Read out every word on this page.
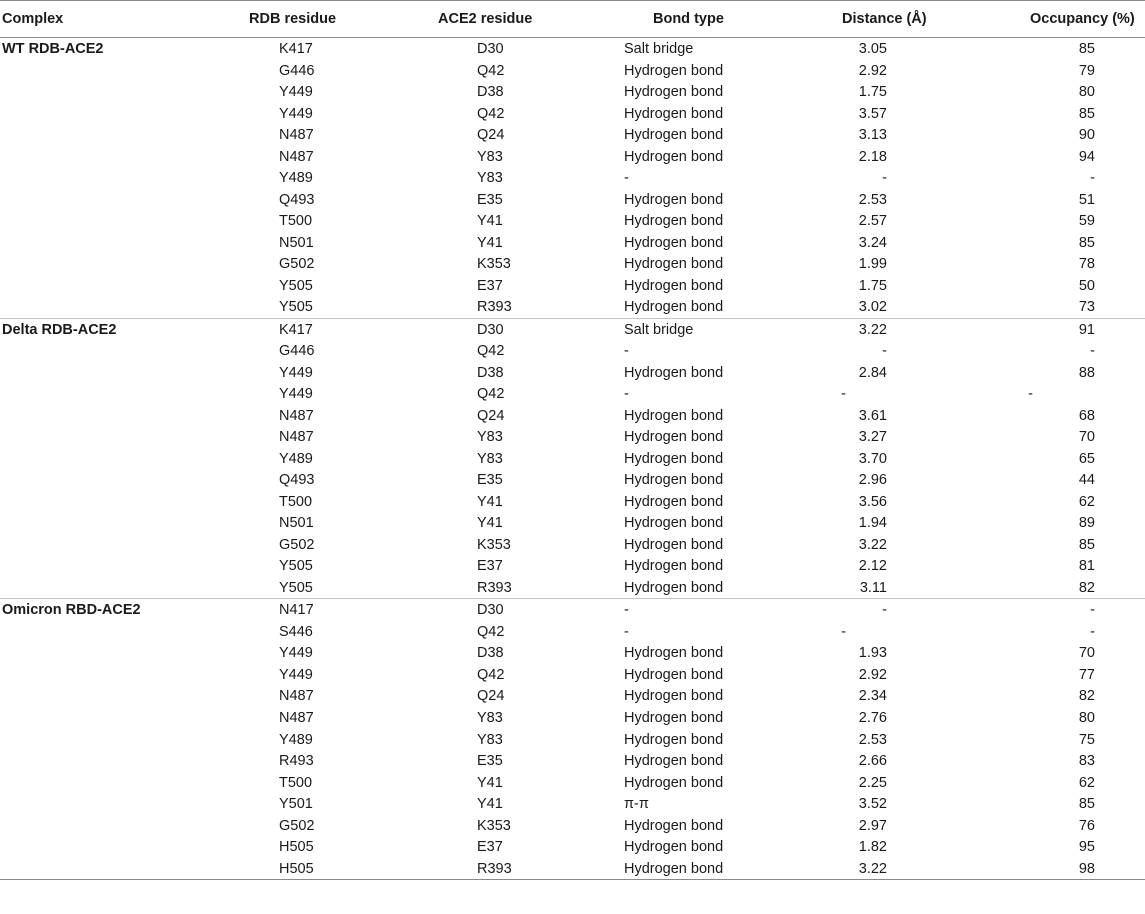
Complex	RDB residue	ACE2 residue	Bond type	Distance (Å)	Occupancy (%)
WT RDB-ACE2	K417	D30	Salt bridge	3.05	85
G446	Q42	Hydrogen bond	2.92	79
Y449	D38	Hydrogen bond	1.75	80
Y449	Q42	Hydrogen bond	3.57	85
N487	Q24	Hydrogen bond	3.13	90
N487	Y83	Hydrogen bond	2.18	94
Y489	Y83	-	-	-
Q493	E35	Hydrogen bond	2.53	51
T500	Y41	Hydrogen bond	2.57	59
N501	Y41	Hydrogen bond	3.24	85
G502	K353	Hydrogen bond	1.99	78
Y505	E37	Hydrogen bond	1.75	50
Y505	R393	Hydrogen bond	3.02	73
Delta RDB-ACE2	K417	D30	Salt bridge	3.22	91
G446	Q42	-	-	-
Y449	D38	Hydrogen bond	2.84	88
Y449	Q42	-	-	-
N487	Q24	Hydrogen bond	3.61	68
N487	Y83	Hydrogen bond	3.27	70
Y489	Y83	Hydrogen bond	3.70	65
Q493	E35	Hydrogen bond	2.96	44
T500	Y41	Hydrogen bond	3.56	62
N501	Y41	Hydrogen bond	1.94	89
G502	K353	Hydrogen bond	3.22	85
Y505	E37	Hydrogen bond	2.12	81
Y505	R393	Hydrogen bond	3.11	82
Omicron RBD-ACE2	N417	D30	-	-	-
S446	Q42	-	-	-
Y449	D38	Hydrogen bond	1.93	70
Y449	Q42	Hydrogen bond	2.92	77
N487	Q24	Hydrogen bond	2.34	82
N487	Y83	Hydrogen bond	2.76	80
Y489	Y83	Hydrogen bond	2.53	75
R493	E35	Hydrogen bond	2.66	83
T500	Y41	Hydrogen bond	2.25	62
Y501	Y41	π-π	3.52	85
G502	K353	Hydrogen bond	2.97	76
H505	E37	Hydrogen bond	1.82	95
H505	R393	Hydrogen bond	3.22	98
